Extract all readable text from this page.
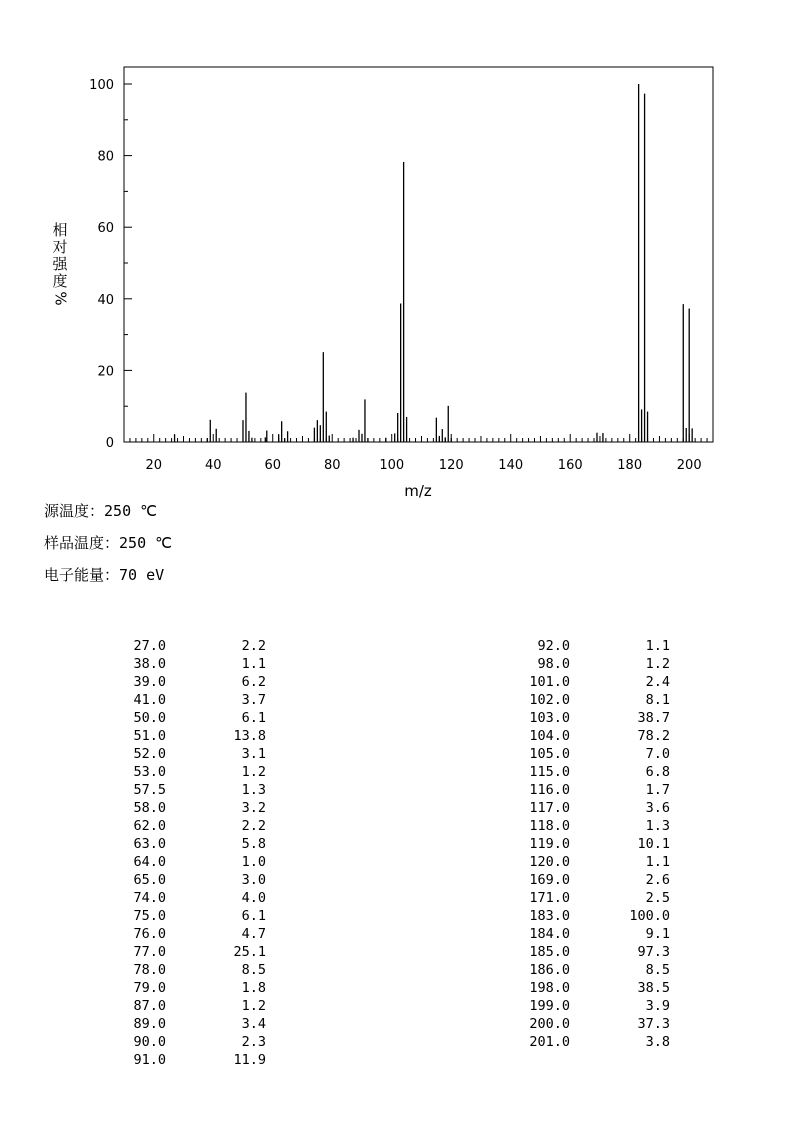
20	40	60	80	100	120	140	160	180	200
0
20
40
60
80
100
m/z
相
对
强
度
%
源温度：250 ℃
样品温度：250 ℃
电子能量：70 eV
27.0	2.2
38.0	1.1
39.0	6.2
41.0	3.7
50.0	6.1
51.0	13.8
52.0	3.1
53.0	1.2
57.5	1.3
58.0	3.2
62.0	2.2
63.0	5.8
64.0	1.0
65.0	3.0
74.0	4.0
75.0	6.1
76.0	4.7
77.0	25.1
78.0	8.5
79.0	1.8
87.0	1.2
89.0	3.4
90.0	2.3
91.0	11.9
92.0	1.1
98.0	1.2
101.0	2.4
102.0	8.1
103.0	38.7
104.0	78.2
105.0	7.0
115.0	6.8
116.0	1.7
117.0	3.6
118.0	1.3
119.0	10.1
120.0	1.1
169.0	2.6
171.0	2.5
183.0	100.0
184.0	9.1
185.0	97.3
186.0	8.5
198.0	38.5
199.0	3.9
200.0	37.3
201.0	3.8
